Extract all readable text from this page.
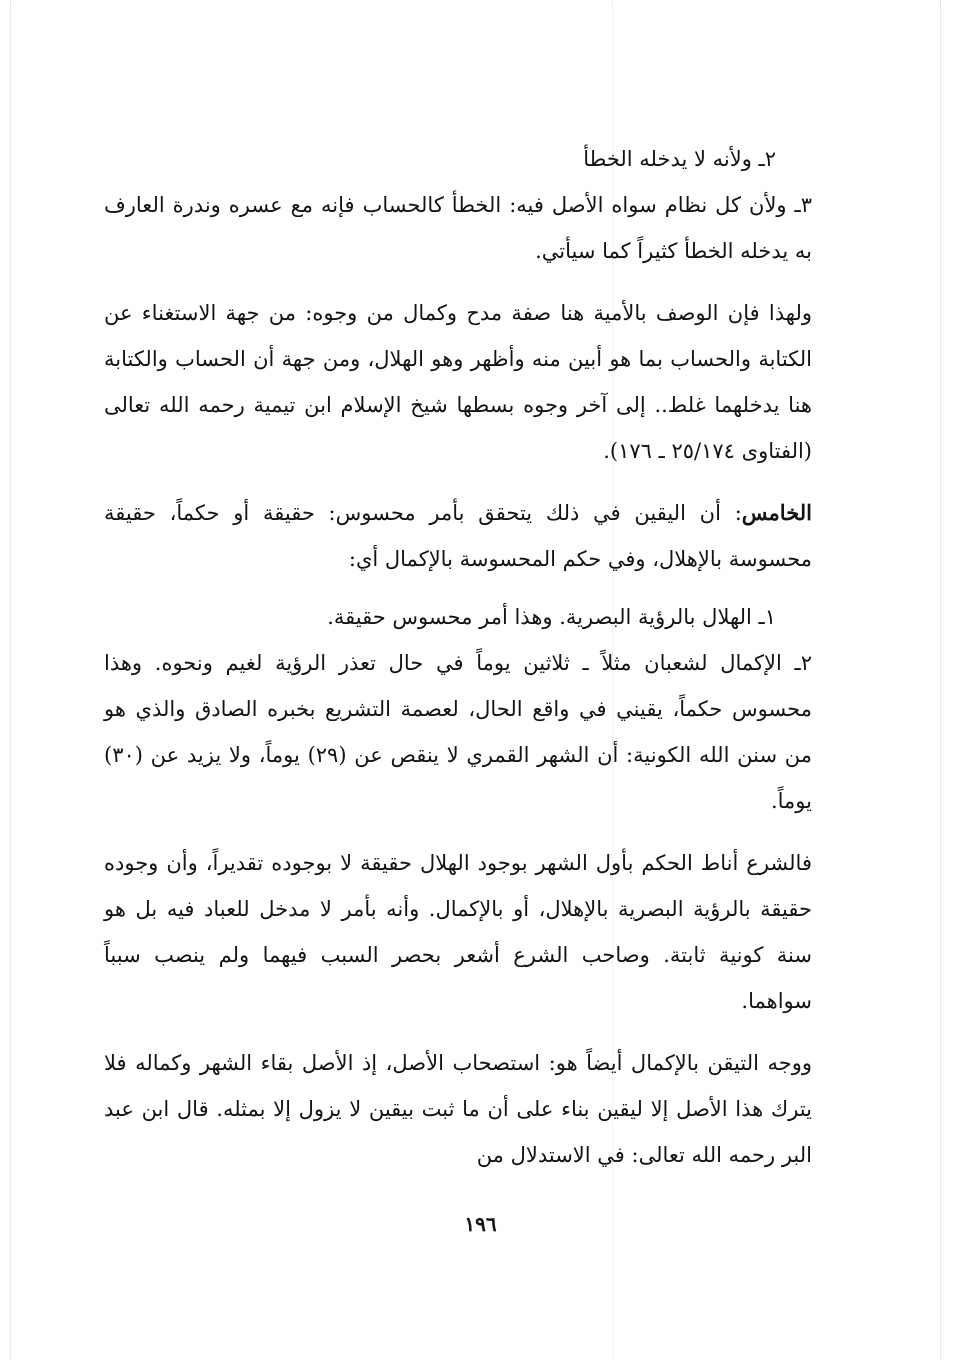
٢ـ ولأنه لا يدخله الخطأ

٣ـ ولأن كل نظام سواه الأصل فيه: الخطأ كالحساب فإنه مع عسره وندرة العارف به يدخله الخطأ كثيراً كما سيأتي.

ولهذا فإن الوصف بالأمية هنا صفة مدح وكمال من وجوه: من جهة الاستغناء عن الكتابة والحساب بما هو أبين منه وأظهر وهو الهلال، ومن جهة أن الحساب والكتابة هنا يدخلهما غلط.. إلى آخر وجوه بسطها شيخ الإسلام ابن تيمية رحمه الله تعالى (الفتاوى ٢٥/١٧٤ ـ ١٧٦).

الخامس: أن اليقين في ذلك يتحقق بأمر محسوس: حقيقة أو حكماً، حقيقة محسوسة بالإهلال، وفي حكم المحسوسة بالإكمال أي:

١ـ الهلال بالرؤية البصرية. وهذا أمر محسوس حقيقة.

٢ـ الإكمال لشعبان مثلاً ـ ثلاثين يوماً في حال تعذر الرؤية لغيم ونحوه. وهذا محسوس حكماً، يقيني في واقع الحال، لعصمة التشريع بخبره الصادق والذي هو من سنن الله الكونية: أن الشهر القمري لا ينقص عن (٢٩) يوماً، ولا يزيد عن (٣٠) يوماً.

فالشرع أناط الحكم بأول الشهر بوجود الهلال حقيقة لا بوجوده تقديراً، وأن وجوده حقيقة بالرؤية البصرية بالإهلال، أو بالإكمال. وأنه بأمر لا مدخل للعباد فيه بل هو سنة كونية ثابتة. وصاحب الشرع أشعر بحصر السبب فيهما ولم ينصب سبباً سواهما.

ووجه التيقن بالإكمال أيضاً هو: استصحاب الأصل، إذ الأصل بقاء الشهر وكماله فلا يترك هذا الأصل إلا ليقين بناء على أن ما ثبت بيقين لا يزول إلا بمثله. قال ابن عبد البر رحمه الله تعالى: في الاستدلال من

١٩٦
